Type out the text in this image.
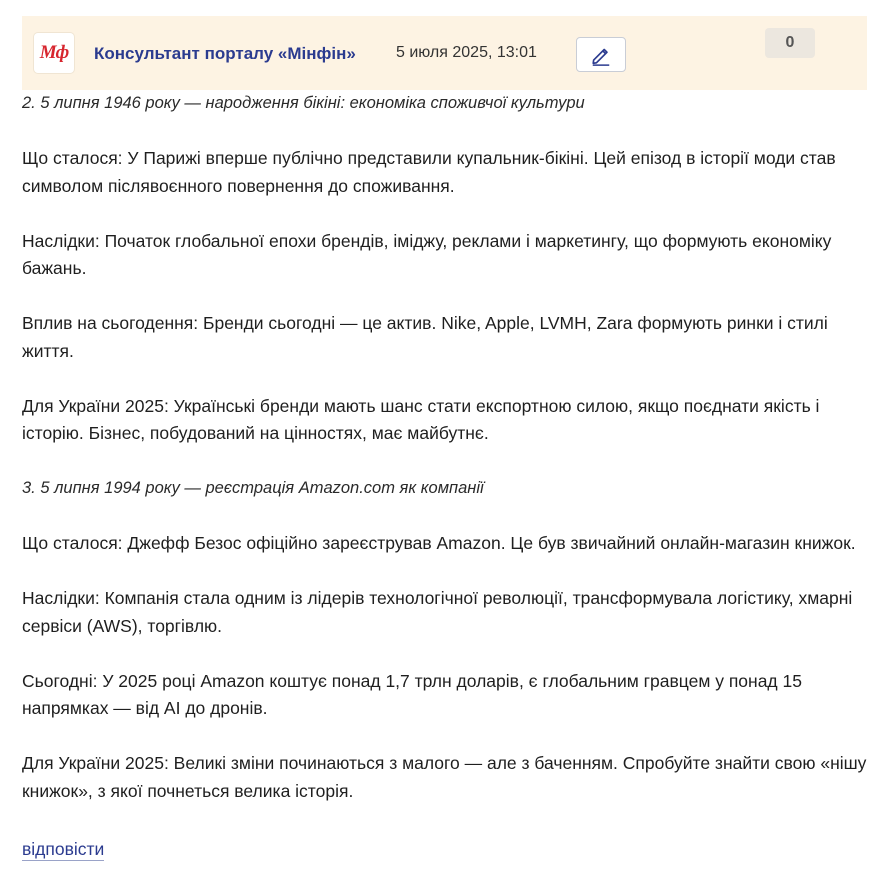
Мф Консультант порталу «Мінфін»	5 июля 2025, 13:01
0

2. 5 липня 1946 року — народження бікіні: економіка споживчої культури

Що сталося: У Парижі вперше публічно представили купальник-бікіні. Цей епізод в історії моди став символом післявоєнного повернення до споживання.

Наслідки: Початок глобальної епохи брендів, іміджу, реклами і маркетингу, що формують економіку бажань.

Вплив на сьогодення: Бренди сьогодні — це актив. Nike, Apple, LVMH, Zara формують ринки і стилі життя.

Для України 2025: Українські бренди мають шанс стати експортною силою, якщо поєднати якість і історію. Бізнес, побудований на цінностях, має майбутнє.

3. 5 липня 1994 року — реєстрація Amazon.com як компанії

Що сталося: Джефф Безос офіційно зареєстрував Amazon. Це був звичайний онлайн-магазин книжок.

Наслідки: Компанія стала одним із лідерів технологічної революції, трансформувала логістику, хмарні сервіси (AWS), торгівлю.

Сьогодні: У 2025 році Amazon коштує понад 1,7 трлн доларів, є глобальним гравцем у понад 15 напрямках — від AI до дронів.

Для України 2025: Великі зміни починаються з малого — але з баченням. Спробуйте знайти свою «нішу книжок», з якої почнеться велика історія.

відповісти
